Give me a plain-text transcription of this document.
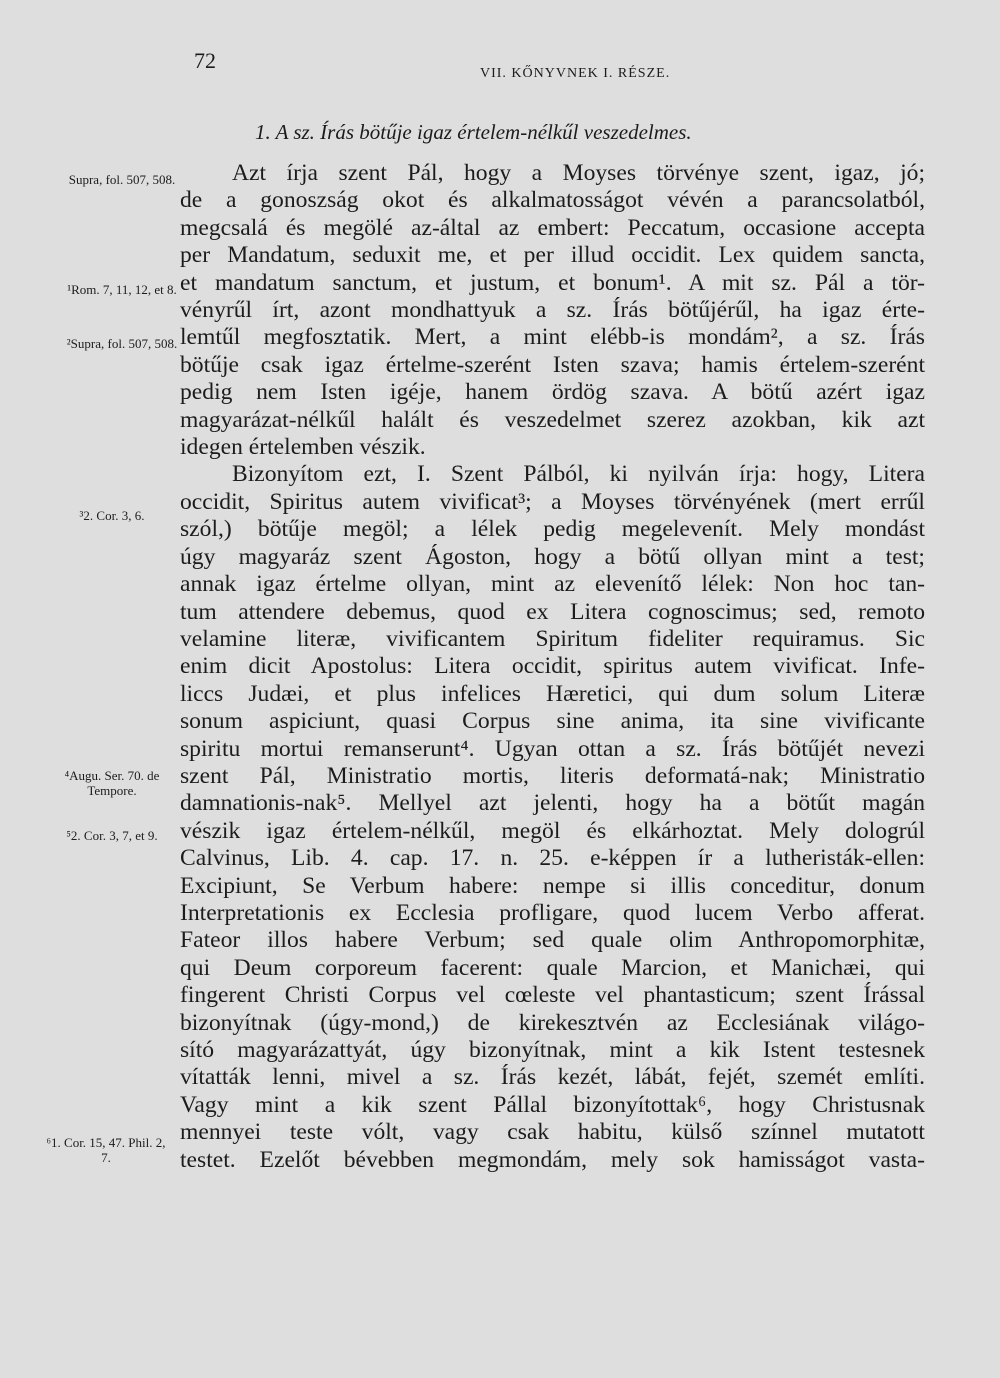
72
VII. KŐNYVNEK I. RÉSZE.
1. A sz. Írás bötűje igaz értelem-nélkűl veszedelmes.
Supra, fol. 507, 508.
¹Rom. 7, 11, 12, et 8.
²Supra, fol. 507, 508.
³2. Cor. 3, 6.
⁴Augu. Ser. 70. de Tempore.
⁵2. Cor. 3, 7, et 9.
⁶1. Cor. 15, 47. Phil. 2, 7.
Azt írja szent Pál, hogy a Moyses törvénye szent, igaz, jó;
de a gonoszság okot és alkalmatosságot vévén a parancsolatból,
megcsalá és megölé az-által az embert: Peccatum, occasione accepta
per Mandatum, seduxit me, et per illud occidit. Lex quidem sancta,
et mandatum sanctum, et justum, et bonum¹. A mit sz. Pál a tör-
vényrűl írt, azont mondhattyuk a sz. Írás bötűjérűl, ha igaz érte-
lemtűl megfosztatik. Mert, a mint elébb-is mondám², a sz. Írás
bötűje csak igaz értelme-szerént Isten szava; hamis értelem-szerént
pedig nem Isten igéje, hanem ördög szava. A bötű azért igaz
magyarázat-nélkűl halált és veszedelmet szerez azokban, kik azt
idegen értelemben vészik.
Bizonyítom ezt, I. Szent Pálból, ki nyilván írja: hogy, Litera
occidit, Spiritus autem vivificat³; a Moyses törvényének (mert errűl
szól,) bötűje megöl; a lélek pedig megelevenít. Mely mondást
úgy magyaráz szent Ágoston, hogy a bötű ollyan mint a test;
annak igaz értelme ollyan, mint az elevenítő lélek: Non hoc tan-
tum attendere debemus, quod ex Litera cognoscimus; sed, remoto
velamine literæ, vivificantem Spiritum fideliter requiramus. Sic
enim dicit Apostolus: Litera occidit, spiritus autem vivificat. Infe-
liccs Judæi, et plus infelices Hæretici, qui dum solum Literæ
sonum aspiciunt, quasi Corpus sine anima, ita sine vivificante
spiritu mortui remanserunt⁴. Ugyan ottan a sz. Írás bötűjét nevezi
szent Pál, Ministratio mortis, literis deformatá-nak; Ministratio
damnationis-nak⁵. Mellyel azt jelenti, hogy ha a bötűt magán
vészik igaz értelem-nélkűl, megöl és elkárhoztat. Mely dologrúl
Calvinus, Lib. 4. cap. 17. n. 25. e-képpen ír a lutheristák-ellen:
Excipiunt, Se Verbum habere: nempe si illis conceditur, donum
Interpretationis ex Ecclesia profligare, quod lucem Verbo afferat.
Fateor illos habere Verbum; sed quale olim Anthropomorphitæ,
qui Deum corporeum facerent: quale Marcion, et Manichæi, qui
fingerent Christi Corpus vel cœleste vel phantasticum; szent Írással
bizonyítnak (úgy-mond,) de kirekesztvén az Ecclesiának világo-
sító magyarázattyát, úgy bizonyítnak, mint a kik Istent testesnek
vítatták lenni, mivel a sz. Írás kezét, lábát, fejét, szemét említi.
Vagy mint a kik szent Pállal bizonyítottak⁶, hogy Christusnak
mennyei teste vólt, vagy csak habitu, külső színnel mutatott
testet. Ezelőt bévebben megmondám, mely sok hamisságot vasta-
